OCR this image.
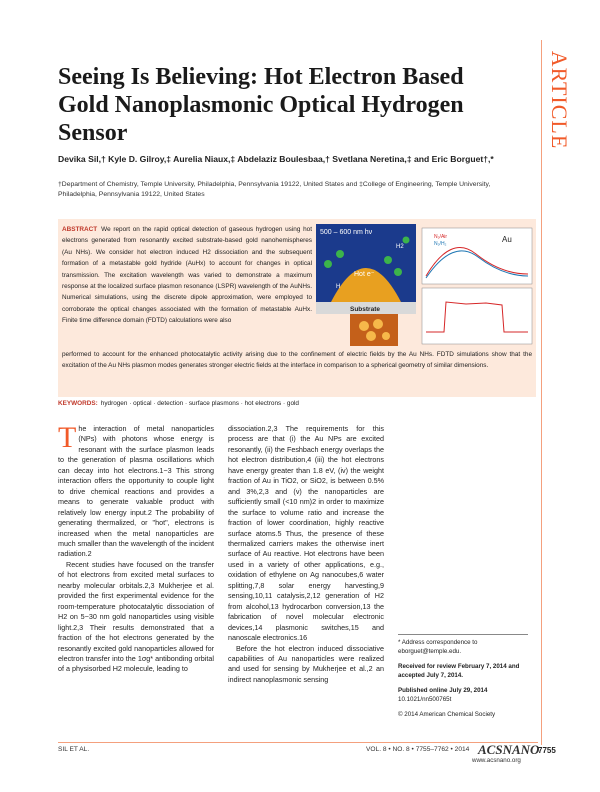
ARTICLE
Seeing Is Believing: Hot Electron Based Gold Nanoplasmonic Optical Hydrogen Sensor
Devika Sil,† Kyle D. Gilroy,‡ Aurelia Niaux,‡ Abdelaziz Boulesbaa,† Svetlana Neretina,‡ and Eric Borguet†,*
†Department of Chemistry, Temple University, Philadelphia, Pennsylvania 19122, United States and ‡College of Engineering, Temple University, Philadelphia, Pennsylvania 19122, United States
ABSTRACT We report on the rapid optical detection of gaseous hydrogen using hot electrons generated from resonantly excited substrate-based gold nanohemispheres (Au NHs). We consider hot electron induced H2 dissociation and the subsequent formation of a metastable gold hydride (AuHx) to account for changes in optical transmission. The excitation wavelength was varied to demonstrate a maximum response at the localized surface plasmon resonance (LSPR) wavelength of the AuNHs. Numerical simulations, using the discrete dipole approximation, were employed to corroborate the optical changes associated with the formation of metastable AuHx. Finite time difference domain (FDTD) calculations were also
performed to account for the enhanced photocatalytic activity arising due to the confinement of electric fields by the Au NHs. FDTD simulations show that the excitation of the Au NHs plasmon modes generates stronger electric fields at the interface in comparison to a spherical geometry of similar dimensions.
500 – 600 nm hν
Hot e⁻
H2
H
Substrate
N₂/Air
N₂/H₂	Au
KEYWORDS: hydrogen · optical · detection · surface plasmons · hot electrons · gold

The interaction of metal nanoparticles (NPs) with photons whose energy is resonant with the surface plasmon leads to the generation of plasma oscillations which can decay into hot electrons.1−3 This strong interaction offers the opportunity to couple light to drive chemical reactions and provides a means to generate valuable product with relatively low energy input.2 The probability of generating thermalized, or "hot", electrons is increased when the metal nanoparticles are much smaller than the wavelength of the incident radiation.2

Recent studies have focused on the transfer of hot electrons from excited metal surfaces to nearby molecular orbitals.2,3 Mukherjee et al. provided the first experimental evidence for the room-temperature photocatalytic dissociation of H2 on 5−30 nm gold nanoparticles using visible light.2,3 Their results demonstrated that a fraction of the hot electrons generated by the resonantly excited gold nanoparticles allowed for electron transfer into the 1σg* antibonding orbital of a physisorbed H2 molecule, leading to

dissociation.2,3 The requirements for this process are that (i) the Au NPs are excited resonantly, (ii) the Feshbach energy overlaps the hot electron distribution,4 (iii) the hot electrons have energy greater than 1.8 eV, (iv) the weight fraction of Au in TiO2, or SiO2, is between 0.5% and 3%,2,3 and (v) the nanoparticles are sufficiently small (<10 nm)2 in order to maximize the surface to volume ratio and increase the fraction of lower coordination, highly reactive surface atoms.5 Thus, the presence of these thermalized carriers makes the otherwise inert surface of Au reactive. Hot electrons have been used in a variety of other applications, e.g., oxidation of ethylene on Ag nanocubes,6 water splitting,7,8 solar energy harvesting,9 sensing,10,11 catalysis,2,12 generation of H2 from alcohol,13 hydrocarbon conversion,13 the fabrication of novel molecular electronic devices,14 plasmonic switches,15 and nanoscale electronics.16

Before the hot electron induced dissociative capabilities of Au nanoparticles were realized and used for sensing by Mukherjee et al.,2 an indirect nanoplasmonic sensing

* Address correspondence to eborguet@temple.edu.
Received for review February 7, 2014 and accepted July 7, 2014.
Published online July 29, 2014
10.1021/nn500765t
© 2014 American Chemical Society
SIL ET AL.	VOL. 8 • NO. 8 • 7755–7762 • 2014 ACSNANO
7755
www.acsnano.org
